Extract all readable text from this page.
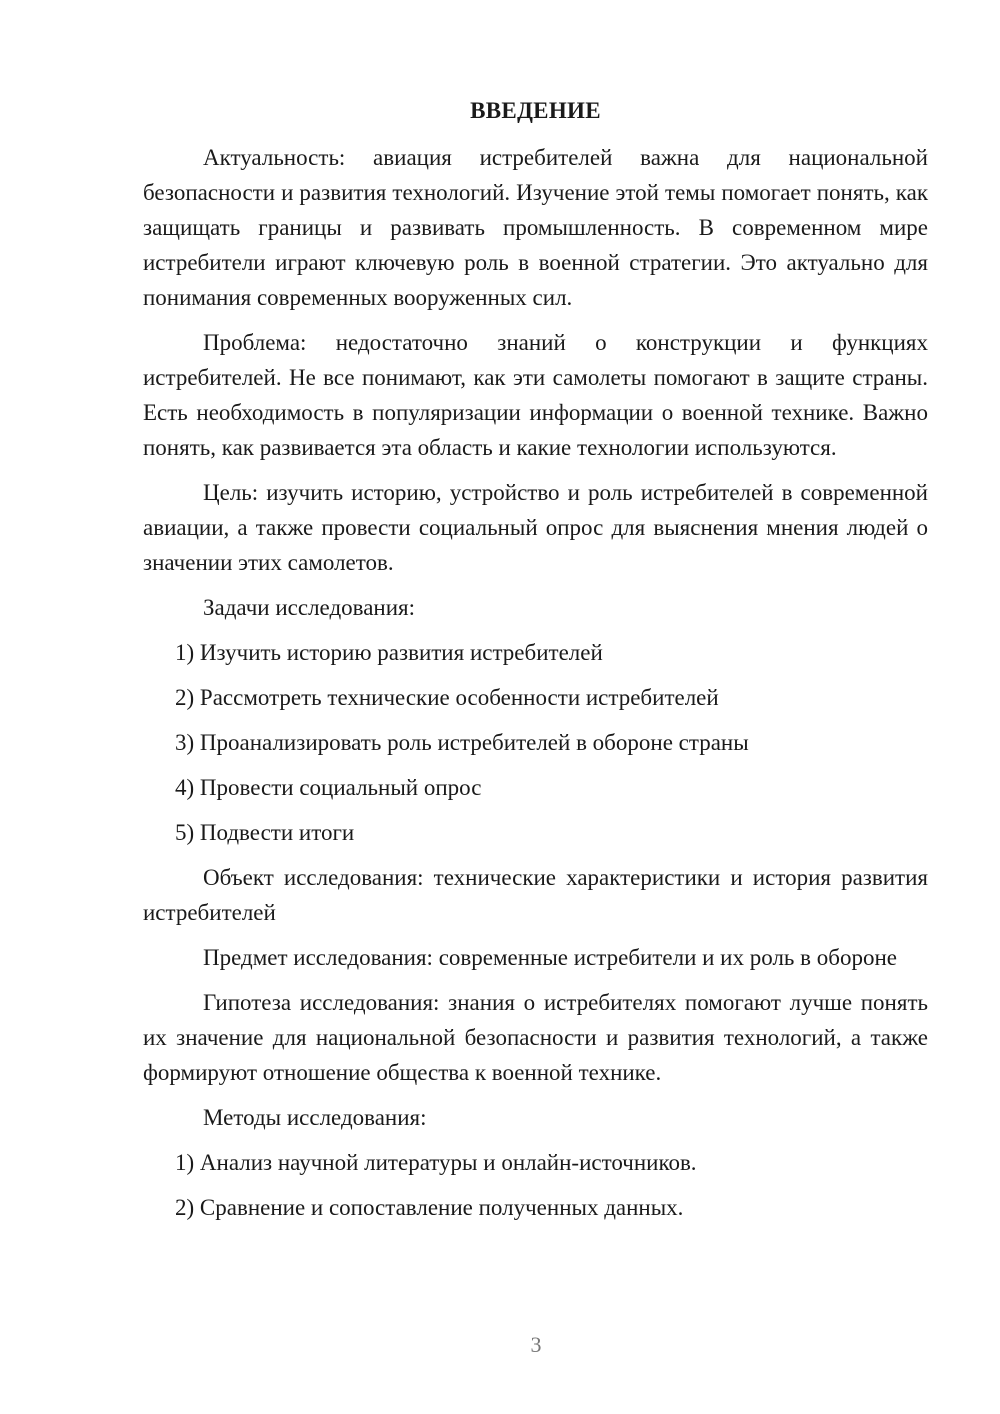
ВВЕДЕНИЕ

Актуальность: авиация истребителей важна для национальной безопасности и развития технологий. Изучение этой темы помогает понять, как защищать границы и развивать промышленность. В современном мире истребители играют ключевую роль в военной стратегии. Это актуально для понимания современных вооруженных сил.

Проблема: недостаточно знаний о конструкции и функциях истребителей. Не все понимают, как эти самолеты помогают в защите страны. Есть необходимость в популяризации информации о военной технике. Важно понять, как развивается эта область и какие технологии используются.

Цель: изучить историю, устройство и роль истребителей в современной авиации, а также провести социальный опрос для выяснения мнения людей о значении этих самолетов.

Задачи исследования:

1) Изучить историю развития истребителей
2) Рассмотреть технические особенности истребителей
3) Проанализировать роль истребителей в обороне страны
4) Провести социальный опрос
5) Подвести итоги

Объект исследования: технические характеристики и история развития истребителей

Предмет исследования: современные истребители и их роль в обороне

Гипотеза исследования: знания о истребителях помогают лучше понять их значение для национальной безопасности и развития технологий, а также формируют отношение общества к военной технике.

Методы исследования:

1) Анализ научной литературы и онлайн-источников.
2) Сравнение и сопоставление полученных данных.
3
